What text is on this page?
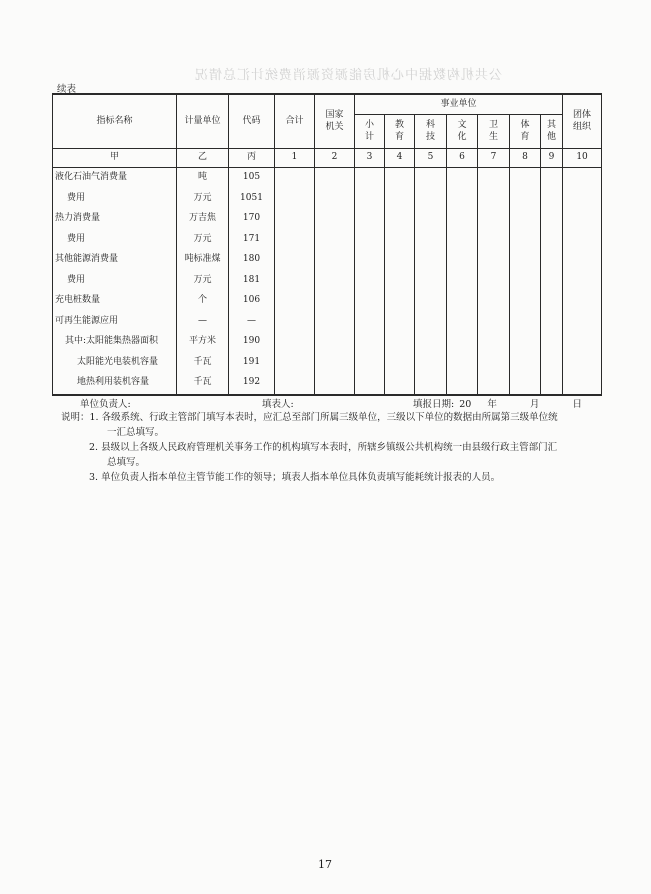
公共机构数据中心机房能源资源消费统计汇总情况
续表
指标名称	计量单位	代码	合计	国家机关	事业单位							团体组织
					小计	教育	科技	文化	卫生	体育	其他	
甲	乙	丙	1	2	3	4	5	6	7	8	9	10
液化石油气消费量	吨	105										
费用	万元	1051										
热力消费量	万吉焦	170										
费用	万元	171										
其他能源消费量	吨标准煤	180										
费用	万元	181										
充电桩数量	个	106										
可再生能源应用	—	—										
其中:太阳能集热器面积	平方米	190										
太阳能光电装机容量	千瓦	191										
地热利用装机容量	千瓦	192										
单位负责人:	填表人:	填报日期: 20 年	月	日
说明：1. 各级系统、行政主管部门填写本表时，应汇总至部门所属三级单位，三级以下单位的数据由所属第三级单位统
一汇总填写。
2. 县级以上各级人民政府管理机关事务工作的机构填写本表时，所辖乡镇级公共机构统一由县级行政主管部门汇
总填写。
3. 单位负责人指本单位主管节能工作的领导；填表人指本单位具体负责填写能耗统计报表的人员。
17
